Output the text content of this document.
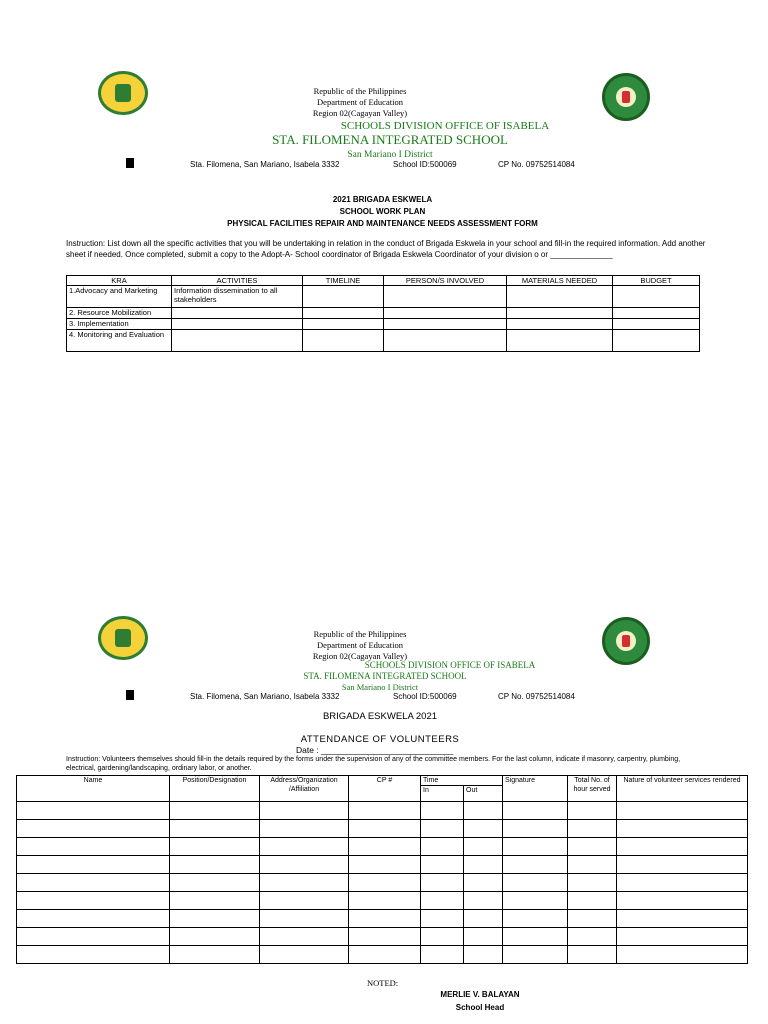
Republic of the Philippines
Department of Education
Region 02(Cagayan Valley)
SCHOOLS DIVISION OFFICE OF ISABELA
STA. FILOMENA INTEGRATED SCHOOL
San Mariano I District
Sta. Filomena, San Mariano, Isabela 3332	School ID:500069	CP No. 09752514084
2021 BRIGADA ESKWELA
SCHOOL WORK PLAN
PHYSICAL FACILITIES REPAIR AND MAINTENANCE NEEDS ASSESSMENT FORM
Instruction: List down all the specific activities that you will be undertaking in relation in the conduct of Brigada Eskwela in your school and fill-in the required information. Add another sheet if needed. Once completed, submit a copy to the Adopt-A- School coordinator of Brigada Eskwela Coordinator of your division o or ______________
KRA	ACTIVITIES	TIMELINE	PERSON/S INVOLVED	MATERIALS NEEDED	BUDGET
1.Advocacy and Marketing	Information dissemination to all stakeholders				
2. Resource Mobilization					
3. Implementation					
4. Monitoring and Evaluation					
Republic of the Philippines
Department of Education
Region 02(Cagayan Valley)
SCHOOLS DIVISION OFFICE OF ISABELA
STA. FILOMENA INTEGRATED SCHOOL
San Mariano I District
Sta. Filomena, San Mariano, Isabela 3332	School ID:500069	CP No. 09752514084
BRIGADA ESKWELA 2021
ATTENDANCE OF VOLUNTEERS
Date : ____________________________
Instruction: Volunteers themselves should fill-in the details required by the forms under the supervision of any of the committee members. For the last column, indicate if masonry, carpentry, plumbing, electrical, gardening/landscaping, ordinary labor, or another.
Name	Position/Designation	Address/Organization /Affiliation	CP #	Time		Signature	Total No. of hour served	Nature of volunteer services rendered
				In	Out			

NOTED:
MERLIE V. BALAYAN
School Head
